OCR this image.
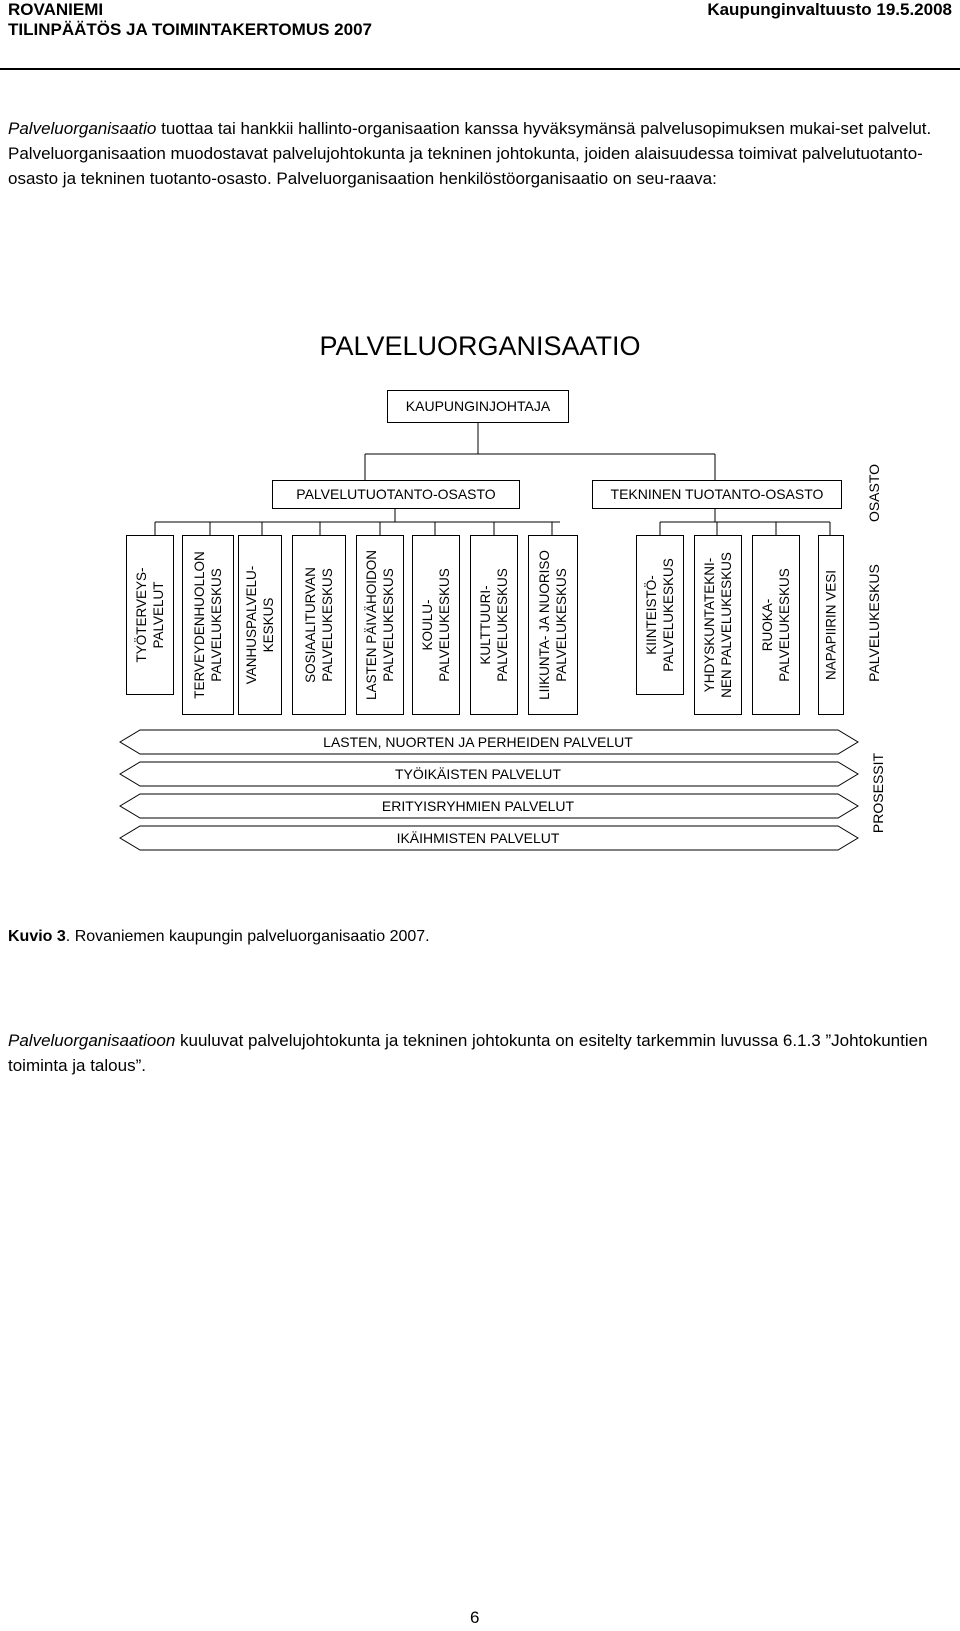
ROVANIEMI
TILINPÄÄTÖS JA TOIMINTAKERTOMUS 2007
Kaupunginvaltuusto 19.5.2008

Palveluorganisaatio tuottaa tai hankkii hallinto-organisaation kanssa hyväksymänsä palvelusopimuksen mukai-set palvelut. Palveluorganisaation muodostavat palvelujohtokunta ja tekninen johtokunta, joiden alaisuudessa toimivat palvelutuotanto-osasto ja tekninen tuotanto-osasto. Palveluorganisaation henkilöstöorganisaatio on seu-raava:

PALVELUORGANISAATIO
KAUPUNGINJOHTAJA
PALVELUTUOTANTO-OSASTO	TEKNINEN TUOTANTO-OSASTO	OSASTO
PALVELUKESKUS
PROSESSIT
TYÖTERVEYS- PALVELUT TERVEYDENHUOLLON PALVELUKESKUS VANHUSPALVELU- KESKUS SOSIAALITURVAN PALVELUKESKUS LASTEN PÄIVÄHOIDON PALVELUKESKUS KOULU- PALVELUKESKUS KULTTUURI- PALVELUKESKUS LIIKUNTA- JA NUORISO PALVELUKESKUS	KIINTEISTÖ- PALVELUKESKUS YHDYSKUNTATEKNI- NEN PALVELUKESKUS RUOKA- PALVELUKESKUS NAPAPIIRIN VESI
LASTEN, NUORTEN JA PERHEIDEN PALVELUT
TYÖIKÄISTEN PALVELUT
ERITYISRYHMIEN PALVELUT
IKÄIHMISTEN PALVELUT
Kuvio 3. Rovaniemen kaupungin palveluorganisaatio 2007.

Palveluorganisaatioon kuuluvat palvelujohtokunta ja tekninen johtokunta on esitelty tarkemmin luvussa 6.1.3 ”Johtokuntien toiminta ja talous”.

6
